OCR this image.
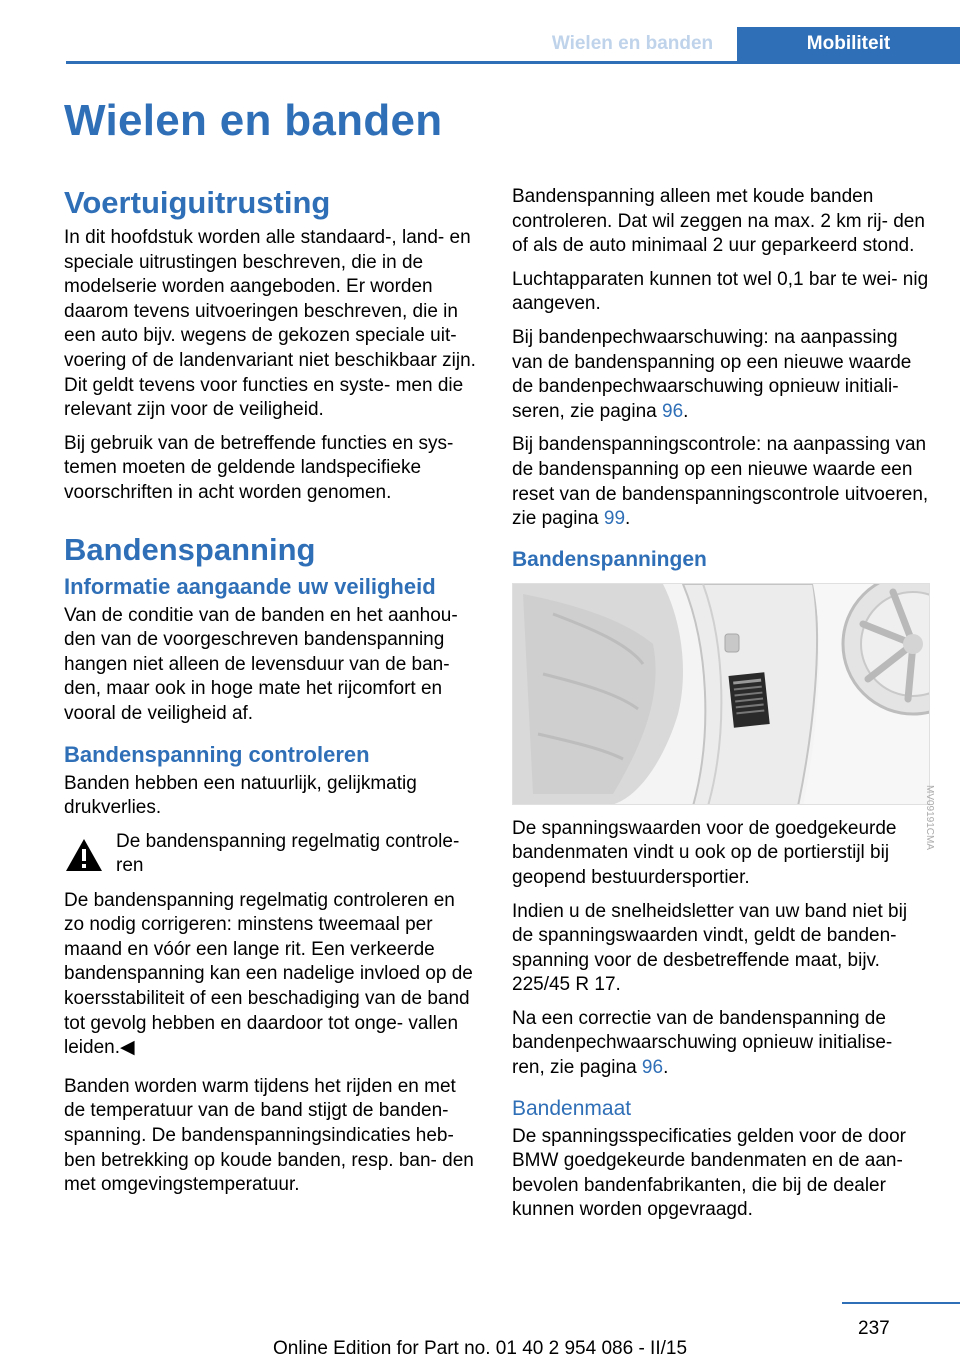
Wielen en banden	Mobiliteit
Wielen en banden
Voertuiguitrusting

In dit hoofdstuk worden alle standaard-, land- en speciale uitrustingen beschreven, die in de modelserie worden aangeboden. Er worden daarom tevens uitvoeringen beschreven, die in een auto bijv. wegens de gekozen speciale uit- voering of de landenvariant niet beschikbaar zijn. Dit geldt tevens voor functies en syste- men die relevant zijn voor de veiligheid.

Bij gebruik van de betreffende functies en sys- temen moeten de geldende landspecifieke voorschriften in acht worden genomen.

Bandenspanning
Informatie aangaande uw veiligheid

Van de conditie van de banden en het aanhou- den van de voorgeschreven bandenspanning hangen niet alleen de levensduur van de ban- den, maar ook in hoge mate het rijcomfort en vooral de veiligheid af.

Bandenspanning controleren

Banden hebben een natuurlijk, gelijkmatig drukverlies.

De bandenspanning regelmatig controle- ren

De bandenspanning regelmatig controleren en zo nodig corrigeren: minstens tweemaal per maand en vóór een lange rit. Een verkeerde bandenspanning kan een nadelige invloed op de koersstabiliteit of een beschadiging van de band tot gevolg hebben en daardoor tot onge- vallen leiden.◀

Banden worden warm tijdens het rijden en met de temperatuur van de band stijgt de banden- spanning. De bandenspanningsindicaties heb- ben betrekking op koude banden, resp. ban- den met omgevingstemperatuur.

Bandenspanning alleen met koude banden controleren. Dat wil zeggen na max. 2 km rij- den of als de auto minimaal 2 uur geparkeerd stond.

Luchtapparaten kunnen tot wel 0,1 bar te wei- nig aangeven.

Bij bandenpechwaarschuwing: na aanpassing van de bandenspanning op een nieuwe waarde de bandenpechwaarschuwing opnieuw initiali- seren, zie pagina 96.

Bij bandenspanningscontrole: na aanpassing van de bandenspanning op een nieuwe waarde een reset van de bandenspanningscontrole uitvoeren, zie pagina 99.

Bandenspanningen

De spanningswaarden voor de goedgekeurde bandenmaten vindt u ook op de portierstijl bij geopend bestuurdersportier.

Indien u de snelheidsletter van uw band niet bij de spanningswaarden vindt, geldt de banden- spanning voor de desbetreffende maat, bijv. 225/45 R 17.

Na een correctie van de bandenspanning de bandenpechwaarschuwing opnieuw initialise- ren, zie pagina 96.

Bandenmaat

De spanningsspecificaties gelden voor de door BMW goedgekeurde bandenmaten en de aan- bevolen bandenfabrikanten, die bij de dealer kunnen worden opgevraagd.

MV09191CMA
237
Online Edition for Part no. 01 40 2 954 086 - II/15
